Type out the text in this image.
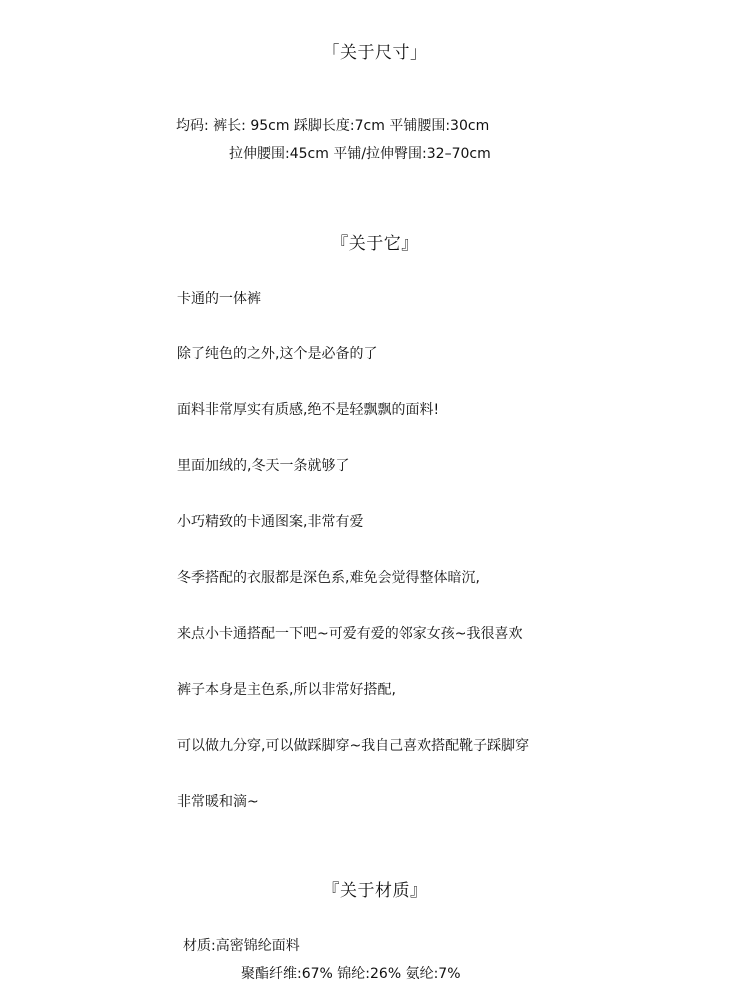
「关于尺寸」
均码: 裤长: 95cm 踩脚长度:7cm 平铺腰围:30cm
拉伸腰围:45cm 平铺/拉伸臀围:32–70cm
『关于它』
卡通的一体裤
除了纯色的之外,这个是必备的了
面料非常厚实有质感,绝不是轻飘飘的面料!
里面加绒的,冬天一条就够了
小巧精致的卡通图案,非常有爱
冬季搭配的衣服都是深色系,难免会觉得整体暗沉,
来点小卡通搭配一下吧~可爱有爱的邻家女孩~我很喜欢
裤子本身是主色系,所以非常好搭配,
可以做九分穿,可以做踩脚穿~我自己喜欢搭配靴子踩脚穿
非常暖和滴~
『关于材质』
材质:高密锦纶面料
聚酯纤维:67% 锦纶:26% 氨纶:7%
